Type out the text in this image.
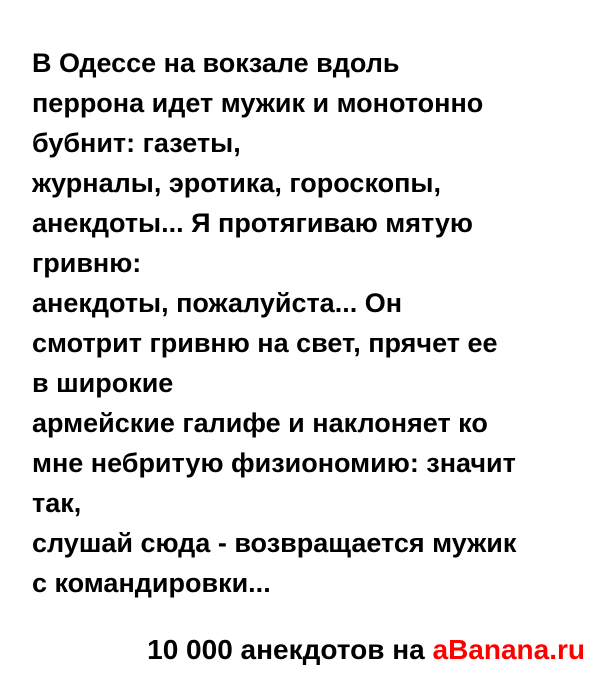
В Одессе на вокзале вдоль
перрона идет мужик и монотонно
бубнит: газеты,
журналы, эротика, гороскопы,
анекдоты... Я протягиваю мятую
гривню:
анекдоты, пожалуйста... Он
смотрит гривню на свет, прячет ее
в широкие
армейские галифе и наклоняет ко
мне небритую физиономию: значит
так,
слушай сюда - возвращается мужик
с командировки...
10 000 анекдотов на aBanana.ru
